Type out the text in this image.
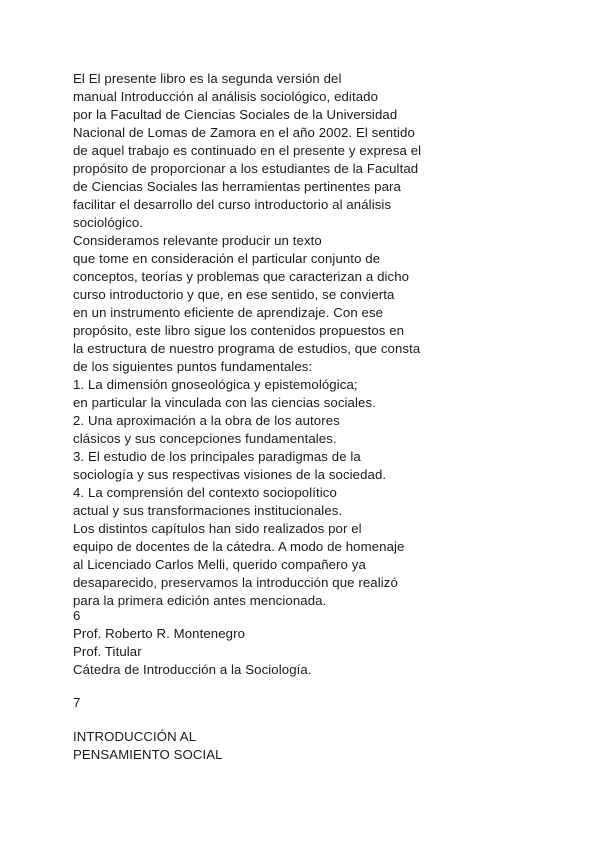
El El presente libro es la segunda versión del
manual Introducción al análisis sociológico, editado
por la Facultad de Ciencias Sociales de la Universidad
Nacional de Lomas de Zamora en el año 2002. El sentido
de aquel trabajo es continuado en el presente y expresa el
propósito de proporcionar a los estudiantes de la Facultad
de Ciencias Sociales las herramientas pertinentes para
facilitar el desarrollo del curso introductorio al análisis
sociológico.
Consideramos relevante producir un texto
que tome en consideración el particular conjunto de
conceptos, teorías y problemas que caracterizan a dicho
curso introductorio y que, en ese sentido, se convierta
en un instrumento eficiente de aprendizaje. Con ese
propósito, este libro sigue los contenidos propuestos en
la estructura de nuestro programa de estudios, que consta
de los siguientes puntos fundamentales:
1. La dimensión gnoseológica y epistemológica;
en particular la vinculada con las ciencias sociales.
2. Una aproximación a la obra de los autores
clásicos y sus concepciones fundamentales.
3. El estudio de los principales paradigmas de la
sociología y sus respectivas visiones de la sociedad.
4. La comprensión del contexto sociopolítico
actual y sus transformaciones institucionales.
Los distintos capítulos han sido realizados por el
equipo de docentes de la cátedra. A modo de homenaje
al Licenciado Carlos Melli, querido compañero ya
desaparecido, preservamos la introducción que realizó
para la primera edición antes mencionada.
6
Prof. Roberto R. Montenegro
Prof. Titular
Cátedra de Introducción a la Sociología.
7
INTRODUCCIÓN AL
PENSAMIENTO SOCIAL
